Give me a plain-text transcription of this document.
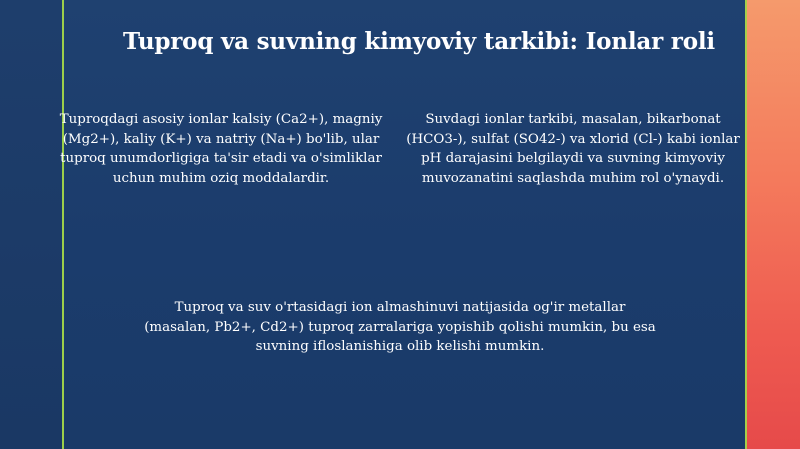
Tuproq va suvning kimyoviy tarkibi: Ionlar roli
Tuproqdagi asosiy ionlar kalsiy (Ca2+), magniy (Mg2+), kaliy (K+) va natriy (Na+) bo'lib, ular tuproq unumdorligiga ta'sir etadi va o'simliklar uchun muhim oziq moddalardir.
Suvdagi ionlar tarkibi, masalan, bikarbonat (HCO3-), sulfat (SO42-) va xlorid (Cl-) kabi ionlar pH darajasini belgilaydi va suvning kimyoviy muvozanatini saqlashda muhim rol o'ynaydi.
Tuproq va suv o'rtasidagi ion almashinuvi natijasida og'ir metallar (masalan, Pb2+, Cd2+) tuproq zarralariga yopishib qolishi mumkin, bu esa suvning ifloslanishiga olib kelishi mumkin.
